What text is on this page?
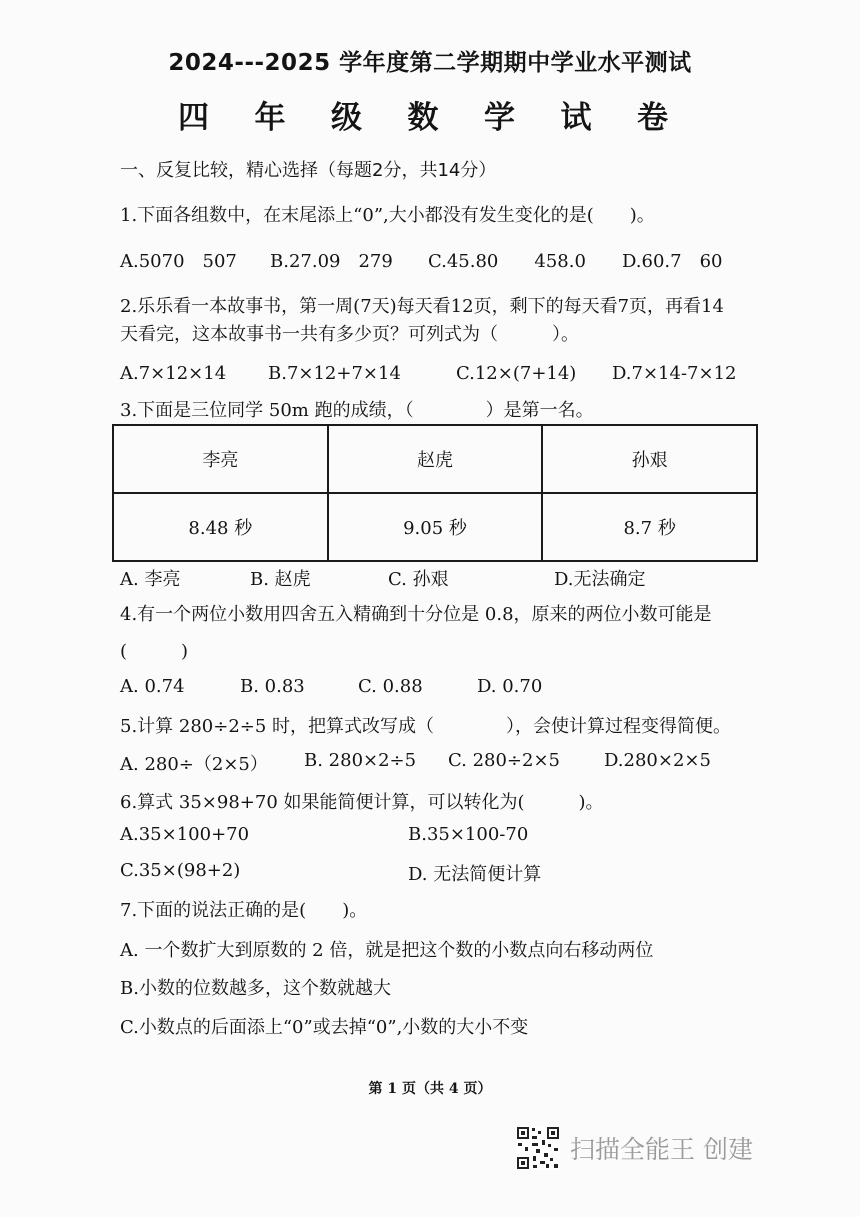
2024---2025 学年度第二学期期中学业水平测试
四 年 级 数 学 试 卷
一、反复比较，精心选择（每题2分，共14分）
1.下面各组数中，在末尾添上“0”,大小都没有发生变化的是(　　)。
A.5070　507 B.27.09　279 C.45.80　　458.0 D.60.7　60
2.乐乐看一本故事书，第一周(7天)每天看12页，剩下的每天看7页，再看14
天看完，这本故事书一共有多少页？可列式为（　　　）。
A.7×12×14 B.7×12+7×14	C.12×(7+14) D.7×14-7×12
3.下面是三位同学 50m 跑的成绩，（　　　　）是第一名。
李亮	赵虎	孙艰
8.48 秒	9.05 秒	8.7 秒
A. 李亮	B. 赵虎	C. 孙艰	D.无法确定
4.有一个两位小数用四舍五入精确到十分位是 0.8，原来的两位小数可能是
(　　　)
A. 0.74	B. 0.83	C. 0.88	D. 0.70
5.计算 280÷2÷5 时，把算式改写成（　　　　），会使计算过程变得简便。
A. 280÷（2×5） B. 280×2÷5 C. 280÷2×5 D.280×2×5
6.算式 35×98+70 如果能简便计算，可以转化为(　　　)。
A.35×100+70	B.35×100-70
C.35×(98+2)	D. 无法简便计算
7.下面的说法正确的是(　　)。
A. 一个数扩大到原数的 2 倍，就是把这个数的小数点向右移动两位
B.小数的位数越多，这个数就越大
C.小数点的后面添上“0”或去掉“0”,小数的大小不变
第 1 页（共 4 页）
扫描全能王 创建
